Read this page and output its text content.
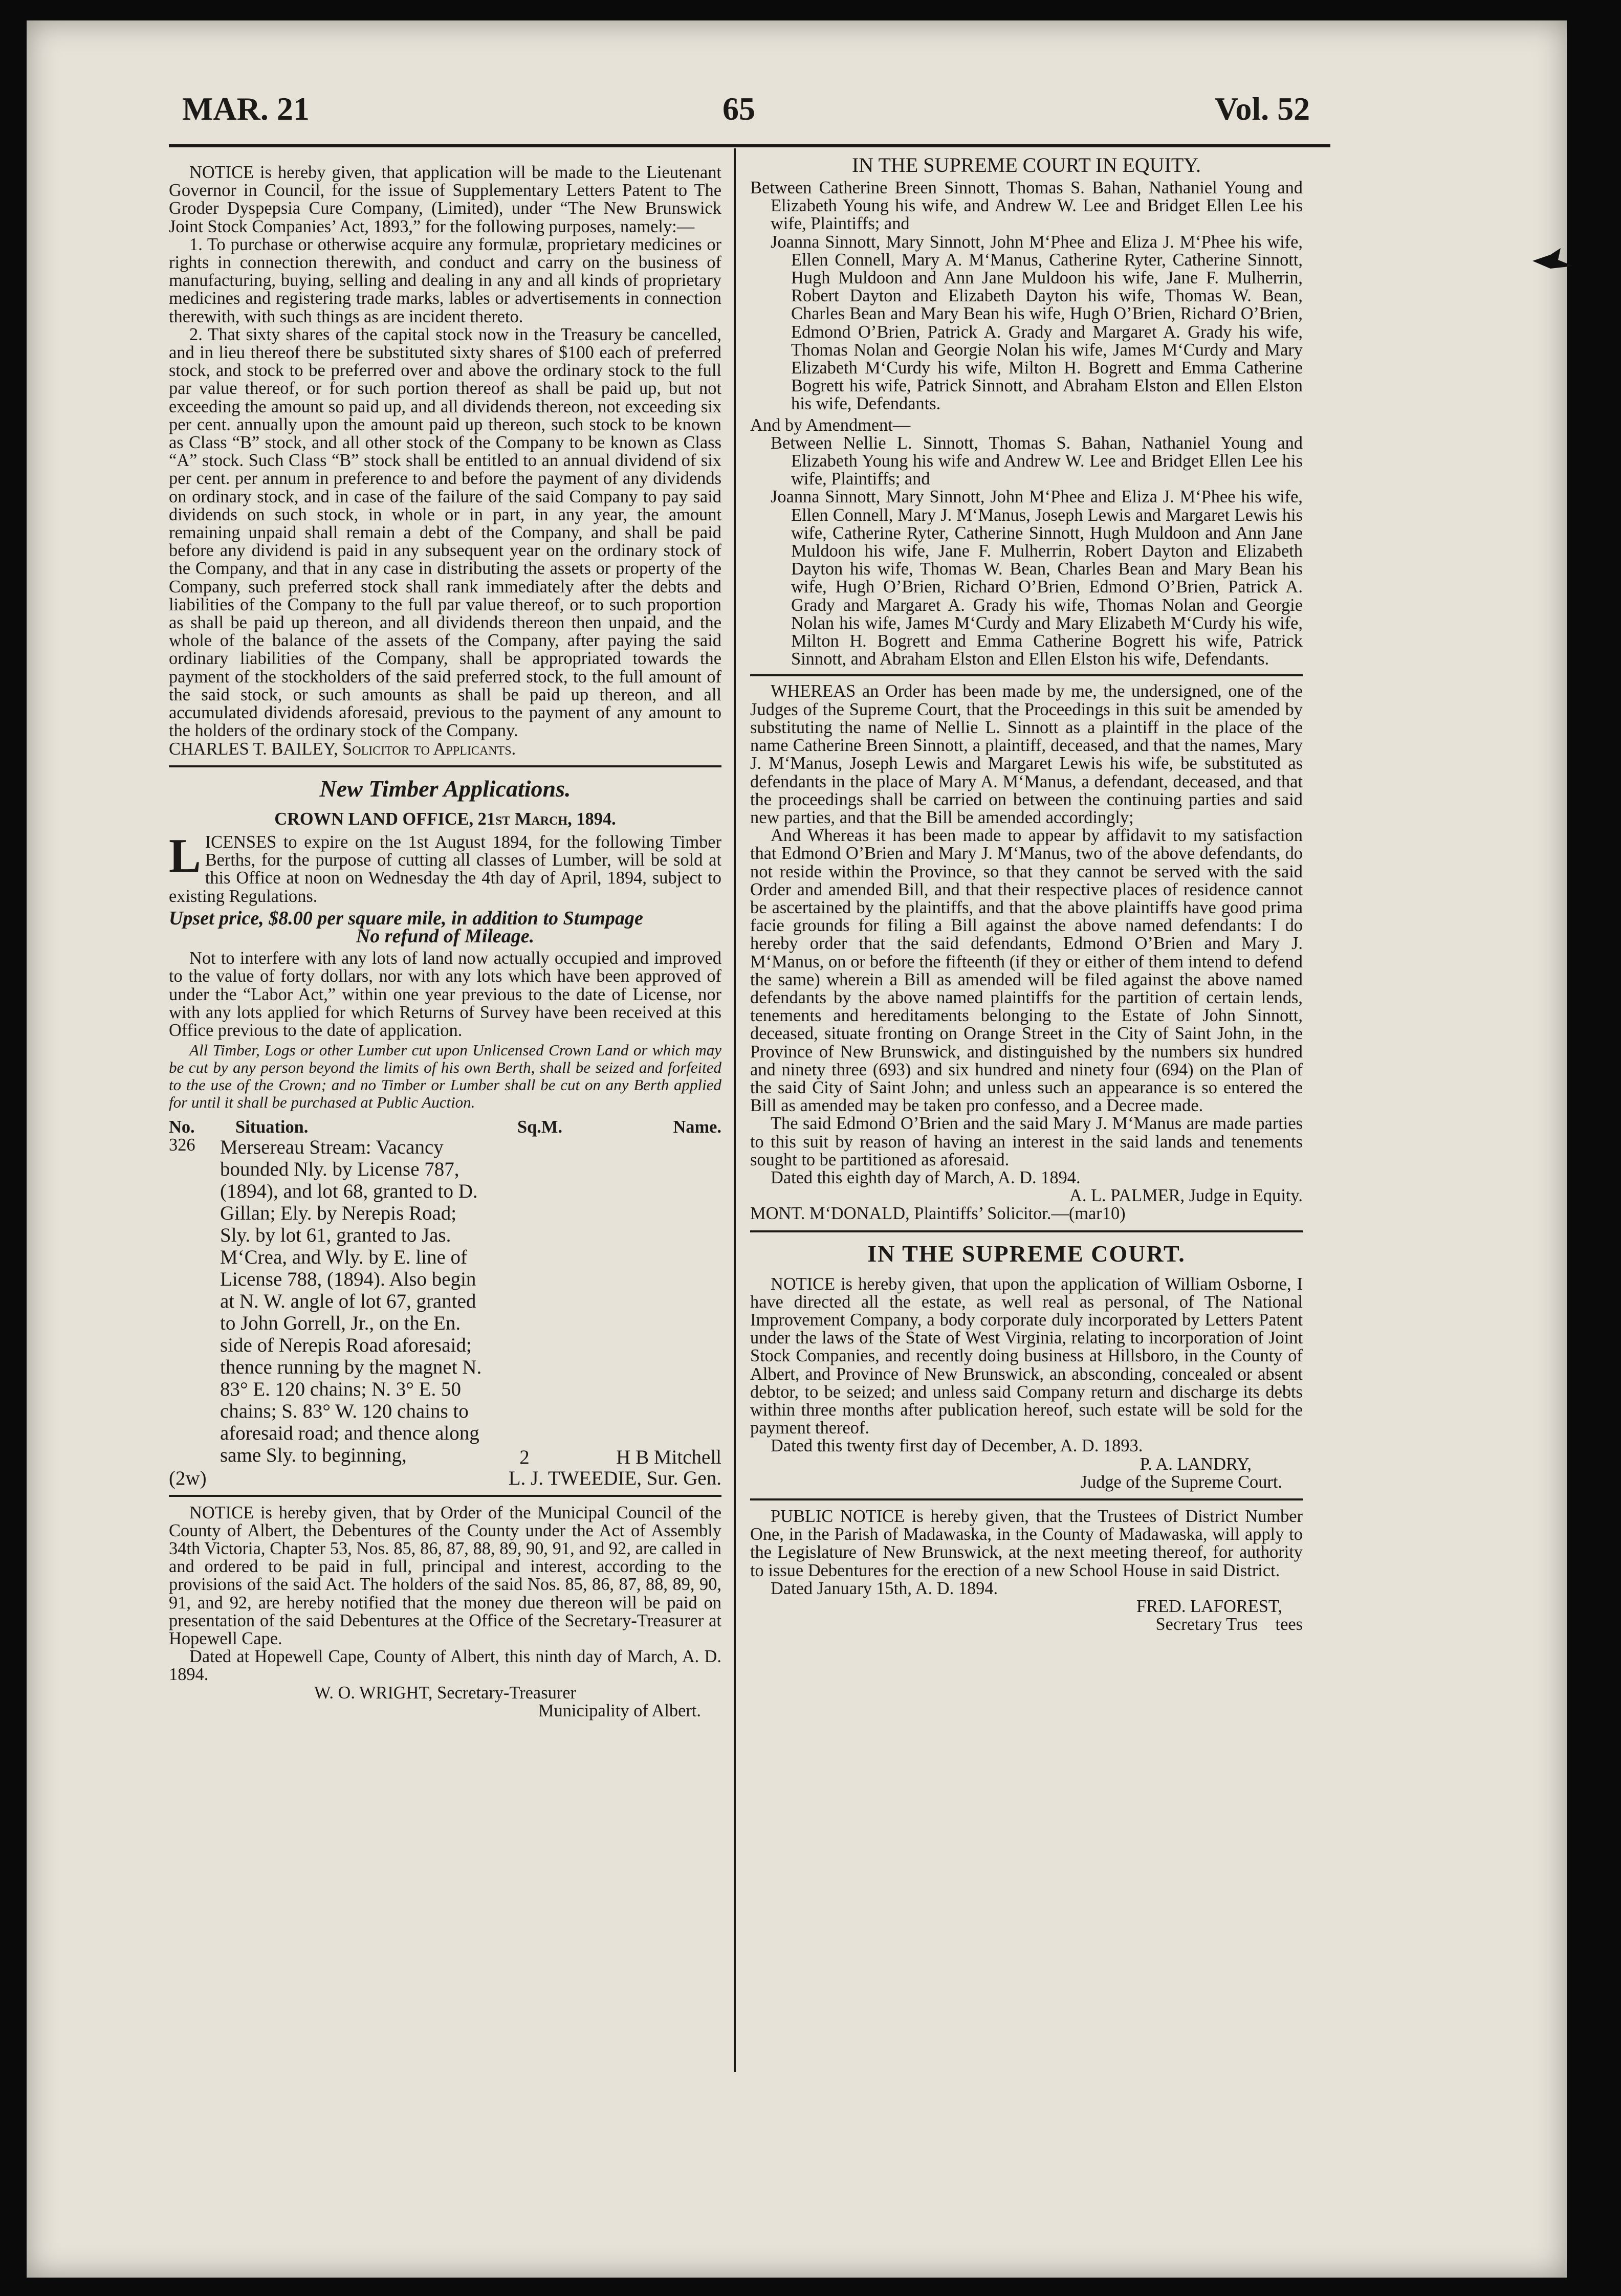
MAR. 21	65	Vol. 52

NOTICE is hereby given, that application will be made to the Lieutenant Governor in Council, for the issue of Supplementary Letters Patent to The Groder Dyspepsia Cure Company, (Limited), under “The New Brunswick Joint Stock Companies’ Act, 1893,” for the following purposes, namely:—

1. To purchase or otherwise acquire any formulæ, proprietary medicines or rights in connection therewith, and conduct and carry on the business of manufacturing, buying, selling and dealing in any and all kinds of proprietary medicines and registering trade marks, lables or advertisements in connection therewith, with such things as are incident thereto.

2. That sixty shares of the capital stock now in the Treasury be cancelled, and in lieu thereof there be substituted sixty shares of $100 each of preferred stock, and stock to be preferred over and above the ordinary stock to the full par value thereof, or for such portion thereof as shall be paid up, but not exceeding the amount so paid up, and all dividends thereon, not exceeding six per cent. annually upon the amount paid up thereon, such stock to be known as Class “B” stock, and all other stock of the Company to be known as Class “A” stock. Such Class “B” stock shall be entitled to an annual dividend of six per cent. per annum in preference to and before the payment of any dividends on ordinary stock, and in case of the failure of the said Company to pay said dividends on such stock, in whole or in part, in any year, the amount remaining unpaid shall remain a debt of the Company, and shall be paid before any dividend is paid in any subsequent year on the ordinary stock of the Company, and that in any case in distributing the assets or property of the Company, such preferred stock shall rank immediately after the debts and liabilities of the Company to the full par value thereof, or to such proportion as shall be paid up thereon, and all dividends thereon then unpaid, and the whole of the balance of the assets of the Company, after paying the said ordinary liabilities of the Company, shall be appropriated towards the payment of the stockholders of the said preferred stock, to the full amount of the said stock, or such amounts as shall be paid up thereon, and all accumulated dividends aforesaid, previous to the payment of any amount to the holders of the ordinary stock of the Company.

CHARLES T. BAILEY, Solicitor to Applicants.

New Timber Applications.

CROWN LAND OFFICE, 21st March, 1894.

LICENSES to expire on the 1st August 1894, for the following Timber Berths, for the purpose of cutting all classes of Lumber, will be sold at this Office at noon on Wednesday the 4th day of April, 1894, subject to existing Regulations.

Upset price, $8.00 per square mile, in addition to Stumpage

No refund of Mileage.

Not to interfere with any lots of land now actually occupied and improved to the value of forty dollars, nor with any lots which have been approved of under the “Labor Act,” within one year previous to the date of License, nor with any lots applied for which Returns of Survey have been received at this Office previous to the date of application.

All Timber, Logs or other Lumber cut upon Unlicensed Crown Land or which may be cut by any person beyond the limits of his own Berth, shall be seized and forfeited to the use of the Crown; and no Timber or Lumber shall be cut on any Berth applied for until it shall be purchased at Public Auction.

No.	Situation.	Sq.M.	Name.
326	Mersereau Stream: Vacancy bounded Nly. by License 787, (1894), and lot 68, granted to D. Gillan; Ely. by Nerepis Road; Sly. by lot 61, granted to Jas. M‘Crea, and Wly. by E. line of License 788, (1894). Also begin at N. W. angle of lot 67, granted to John Gorrell, Jr., on the En. side of Nerepis Road aforesaid; thence running by the magnet N. 83° E. 120 chains; N. 3° E. 50 chains; S. 83° W. 120 chains to aforesaid road; and thence along same Sly. to beginning,	2	H B Mitchell
(2w)	L. J. TWEEDIE, Sur. Gen.

NOTICE is hereby given, that by Order of the Municipal Council of the County of Albert, the Debentures of the County under the Act of Assembly 34th Victoria, Chapter 53, Nos. 85, 86, 87, 88, 89, 90, 91, and 92, are called in and ordered to be paid in full, principal and interest, according to the provisions of the said Act. The holders of the said Nos. 85, 86, 87, 88, 89, 90, 91, and 92, are hereby notified that the money due thereon will be paid on presentation of the said Debentures at the Office of the Secretary-Treasurer at Hopewell Cape.

Dated at Hopewell Cape, County of Albert, this ninth day of March, A. D. 1894.

W. O. WRIGHT, Secretary-Treasurer

Municipality of Albert.

IN THE SUPREME COURT IN EQUITY.

Between Catherine Breen Sinnott, Thomas S. Bahan, Nathaniel Young and Elizabeth Young his wife, and Andrew W. Lee and Bridget Ellen Lee his wife, Plaintiffs; and

Joanna Sinnott, Mary Sinnott, John M‘Phee and Eliza J. M‘Phee his wife, Ellen Connell, Mary A. M‘Manus, Catherine Ryter, Catherine Sinnott, Hugh Muldoon and Ann Jane Muldoon his wife, Jane F. Mulherrin, Robert Dayton and Elizabeth Dayton his wife, Thomas W. Bean, Charles Bean and Mary Bean his wife, Hugh O’Brien, Richard O’Brien, Edmond O’Brien, Patrick A. Grady and Margaret A. Grady his wife, Thomas Nolan and Georgie Nolan his wife, James M‘Curdy and Mary Elizabeth M‘Curdy his wife, Milton H. Bogrett and Emma Catherine Bogrett his wife, Patrick Sinnott, and Abraham Elston and Ellen Elston his wife, Defendants.

And by Amendment—

Between Nellie L. Sinnott, Thomas S. Bahan, Nathaniel Young and Elizabeth Young his wife and Andrew W. Lee and Bridget Ellen Lee his wife, Plaintiffs; and

Joanna Sinnott, Mary Sinnott, John M‘Phee and Eliza J. M‘Phee his wife, Ellen Connell, Mary J. M‘Manus, Joseph Lewis and Margaret Lewis his wife, Catherine Ryter, Catherine Sinnott, Hugh Muldoon and Ann Jane Muldoon his wife, Jane F. Mulherrin, Robert Dayton and Elizabeth Dayton his wife, Thomas W. Bean, Charles Bean and Mary Bean his wife, Hugh O’Brien, Richard O’Brien, Edmond O’Brien, Patrick A. Grady and Margaret A. Grady his wife, Thomas Nolan and Georgie Nolan his wife, James M‘Curdy and Mary Elizabeth M‘Curdy his wife, Milton H. Bogrett and Emma Catherine Bogrett his wife, Patrick Sinnott, and Abraham Elston and Ellen Elston his wife, Defendants.

WHEREAS an Order has been made by me, the undersigned, one of the Judges of the Supreme Court, that the Proceedings in this suit be amended by substituting the name of Nellie L. Sinnott as a plaintiff in the place of the name Catherine Breen Sinnott, a plaintiff, deceased, and that the names, Mary J. M‘Manus, Joseph Lewis and Margaret Lewis his wife, be substituted as defendants in the place of Mary A. M‘Manus, a defendant, deceased, and that the proceedings shall be carried on between the continuing parties and said new parties, and that the Bill be amended accordingly;

And Whereas it has been made to appear by affidavit to my satisfaction that Edmond O’Brien and Mary J. M‘Manus, two of the above defendants, do not reside within the Province, so that they cannot be served with the said Order and amended Bill, and that their respective places of residence cannot be ascertained by the plaintiffs, and that the above plaintiffs have good prima facie grounds for filing a Bill against the above named defendants: I do hereby order that the said defendants, Edmond O’Brien and Mary J. M‘Manus, on or before the fifteenth (if they or either of them intend to defend the same) wherein a Bill as amended will be filed against the above named defendants by the above named plaintiffs for the partition of certain lends, tenements and hereditaments belonging to the Estate of John Sinnott, deceased, situate fronting on Orange Street in the City of Saint John, in the Province of New Brunswick, and distinguished by the numbers six hundred and ninety three (693) and six hundred and ninety four (694) on the Plan of the said City of Saint John; and unless such an appearance is so entered the Bill as amended may be taken pro confesso, and a Decree made.

The said Edmond O’Brien and the said Mary J. M‘Manus are made parties to this suit by reason of having an interest in the said lands and tenements sought to be partitioned as aforesaid.

Dated this eighth day of March, A. D. 1894.

A. L. PALMER, Judge in Equity.

MONT. M‘DONALD, Plaintiffs’ Solicitor.—(mar10)

IN THE SUPREME COURT.

NOTICE is hereby given, that upon the application of William Osborne, I have directed all the estate, as well real as personal, of The National Improvement Company, a body corporate duly incorporated by Letters Patent under the laws of the State of West Virginia, relating to incorporation of Joint Stock Companies, and recently doing business at Hillsboro, in the County of Albert, and Province of New Brunswick, an absconding, concealed or absent debtor, to be seized; and unless said Company return and discharge its debts within three months after publication hereof, such estate will be sold for the payment thereof.

Dated this twenty first day of December, A. D. 1893.

P. A. LANDRY,

Judge of the Supreme Court.

PUBLIC NOTICE is hereby given, that the Trustees of District Number One, in the Parish of Madawaska, in the County of Madawaska, will apply to the Legislature of New Brunswick, at the next meeting thereof, for authority to issue Debentures for the erection of a new School House in said District.

Dated January 15th, A. D. 1894.

FRED. LAFOREST,

Secretary Trus    tees
